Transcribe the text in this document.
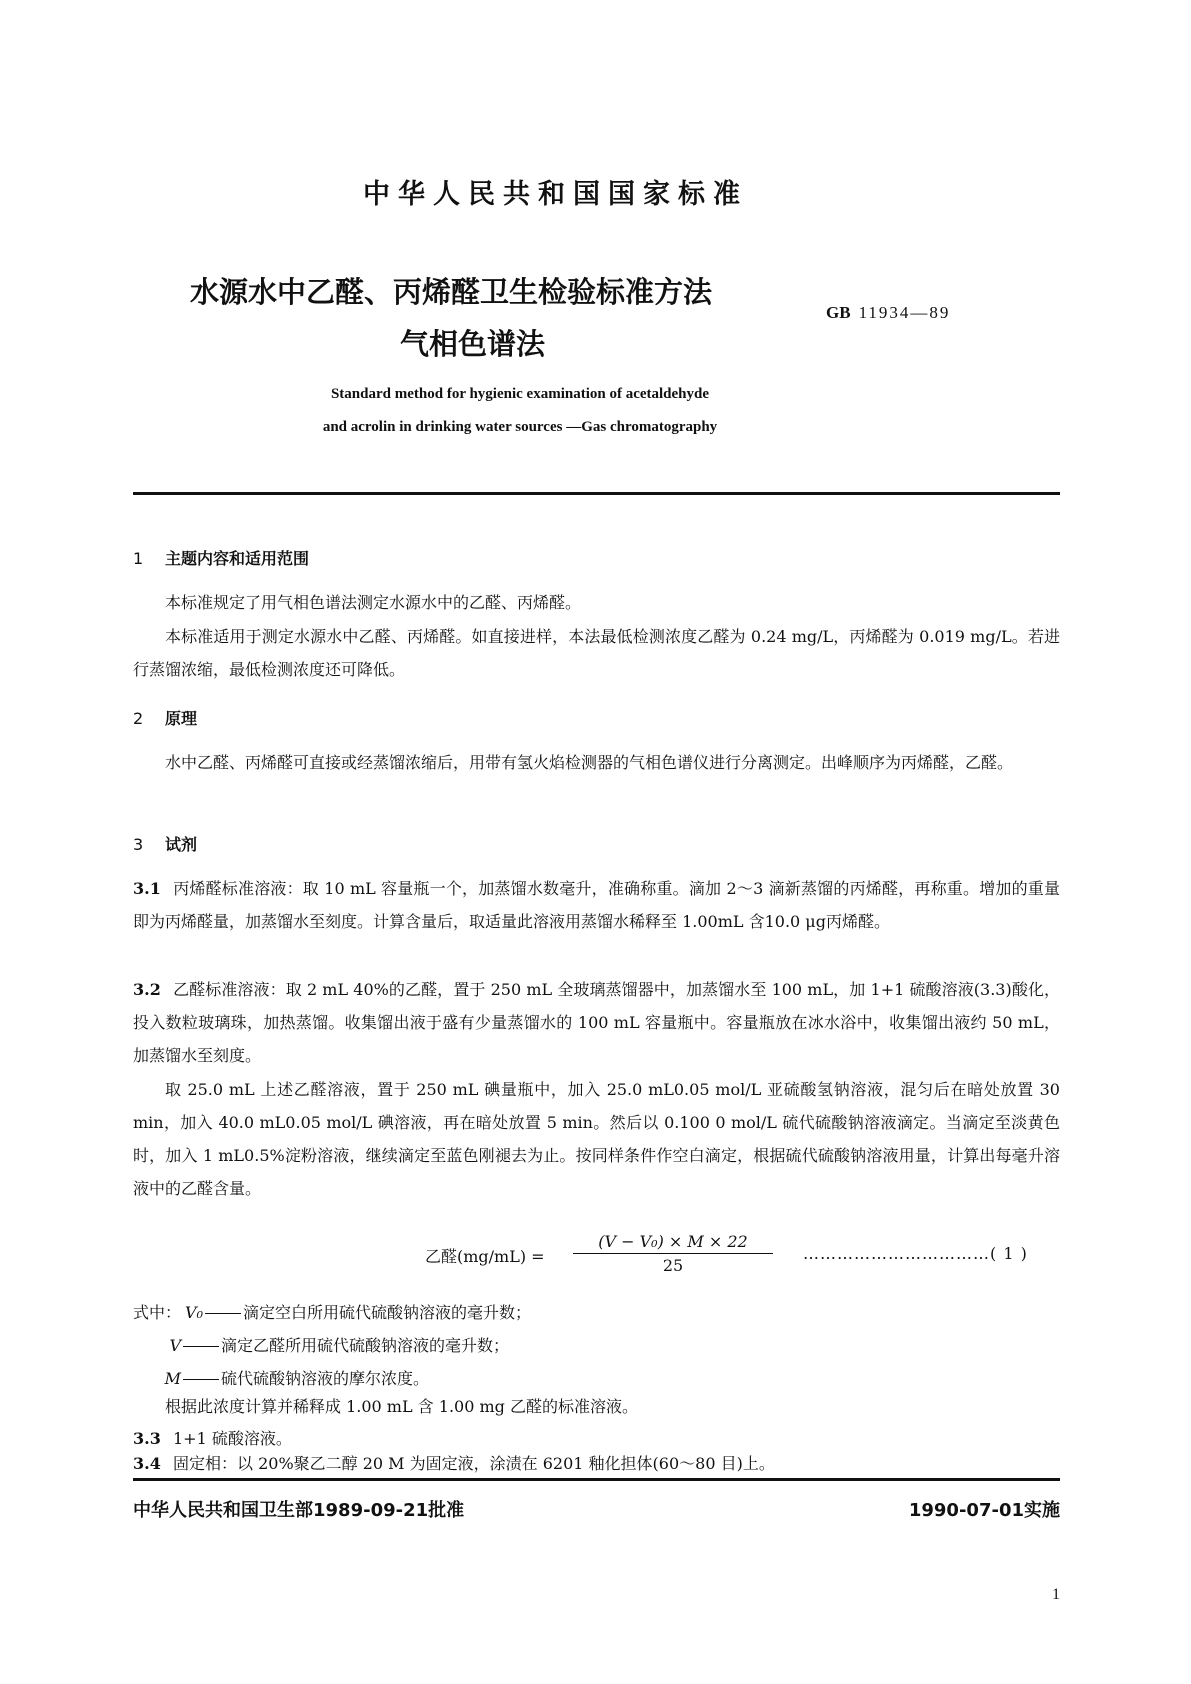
中华人民共和国国家标准
水源水中乙醛、丙烯醛卫生检验标准方法
气相色谱法
GB 11934—89
Standard method for hygienic examination of acetaldehyde
and acrolin in drinking water sources —Gas chromatography
1 主题内容和适用范围
本标准规定了用气相色谱法测定水源水中的乙醛、丙烯醛。
本标准适用于测定水源水中乙醛、丙烯醛。如直接进样，本法最低检测浓度乙醛为 0.24 mg/L，丙烯醛为 0.019 mg/L。若进行蒸馏浓缩，最低检测浓度还可降低。
2 原理
水中乙醛、丙烯醛可直接或经蒸馏浓缩后，用带有氢火焰检测器的气相色谱仪进行分离测定。出峰顺序为丙烯醛，乙醛。
3 试剂
3.1 丙烯醛标准溶液：取 10 mL 容量瓶一个，加蒸馏水数毫升，准确称重。滴加 2～3 滴新蒸馏的丙烯醛，再称重。增加的重量即为丙烯醛量，加蒸馏水至刻度。计算含量后，取适量此溶液用蒸馏水稀释至 1.00mL 含10.0 μg丙烯醛。
3.2 乙醛标准溶液：取 2 mL 40%的乙醛，置于 250 mL 全玻璃蒸馏器中，加蒸馏水至 100 mL，加 1+1 硫酸溶液(3.3)酸化，投入数粒玻璃珠，加热蒸馏。收集馏出液于盛有少量蒸馏水的 100 mL 容量瓶中。容量瓶放在冰水浴中，收集馏出液约 50 mL，加蒸馏水至刻度。
取 25.0 mL 上述乙醛溶液，置于 250 mL 碘量瓶中，加入 25.0 mL0.05 mol/L 亚硫酸氢钠溶液，混匀后在暗处放置 30 min，加入 40.0 mL0.05 mol/L 碘溶液，再在暗处放置 5 min。然后以 0.100 0 mol/L 硫代硫酸钠溶液滴定。当滴定至淡黄色时，加入 1 mL0.5%淀粉溶液，继续滴定至蓝色刚褪去为止。按同样条件作空白滴定，根据硫代硫酸钠溶液用量，计算出每毫升溶液中的乙醛含量。
乙醛$(mg/mL) = \frac{\text{(V − V₀) × M × 22}}{25}$ ……………………………( 1 )
式中： V₀	滴定空白所用硫代硫酸钠溶液的毫升数；
V	滴定乙醛所用硫代硫酸钠溶液的毫升数；
M	硫代硫酸钠溶液的摩尔浓度。
根据此浓度计算并稀释成 1.00 mL 含 1.00 mg 乙醛的标准溶液。
3.3 1+1 硫酸溶液。
3.4 固定相：以 20%聚乙二醇 20 M 为固定液，涂渍在 6201 釉化担体(60～80 目)上。
中华人民共和国卫生部1989-09-21批准	1990-07-01实施
1
